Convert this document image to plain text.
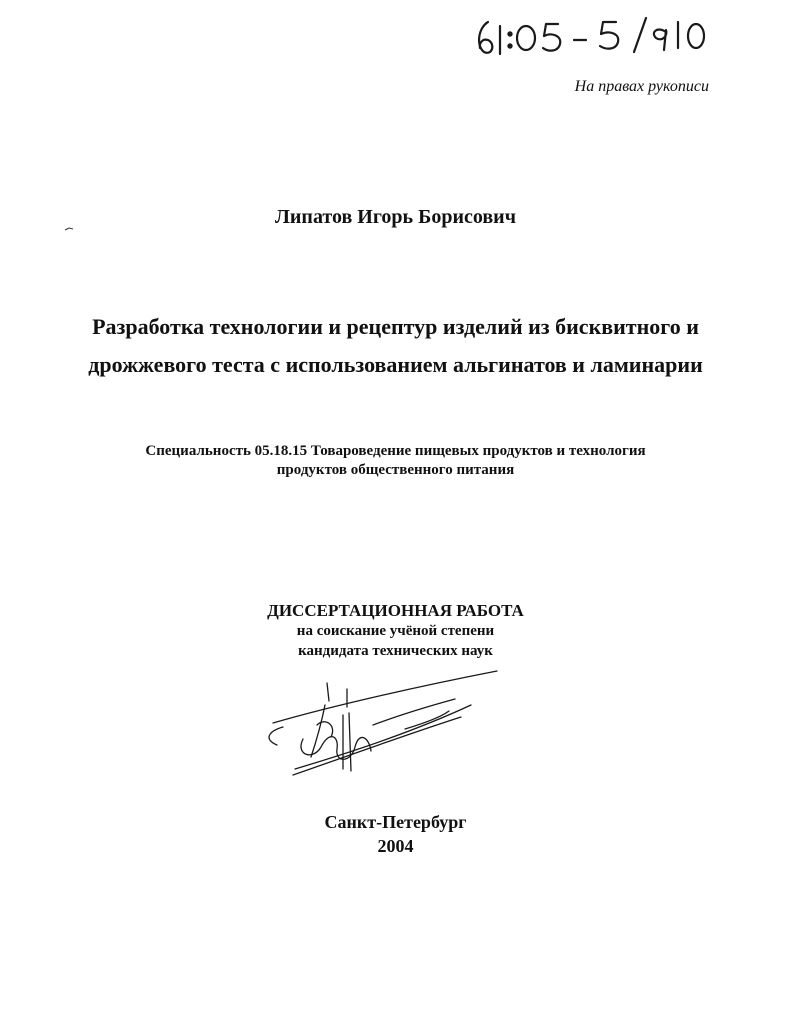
На правах рукописи
Липатов Игорь Борисович
Разработка технологии и рецептур изделий из бисквитного и
дрожжевого теста с использованием альгинатов и ламинарии
Специальность 05.18.15 Товароведение пищевых продуктов и технология
продуктов общественного питания
ДИССЕРТАЦИОННАЯ РАБОТА
на соискание учёной степени
кандидата технических наук
Санкт-Петербург
2004
